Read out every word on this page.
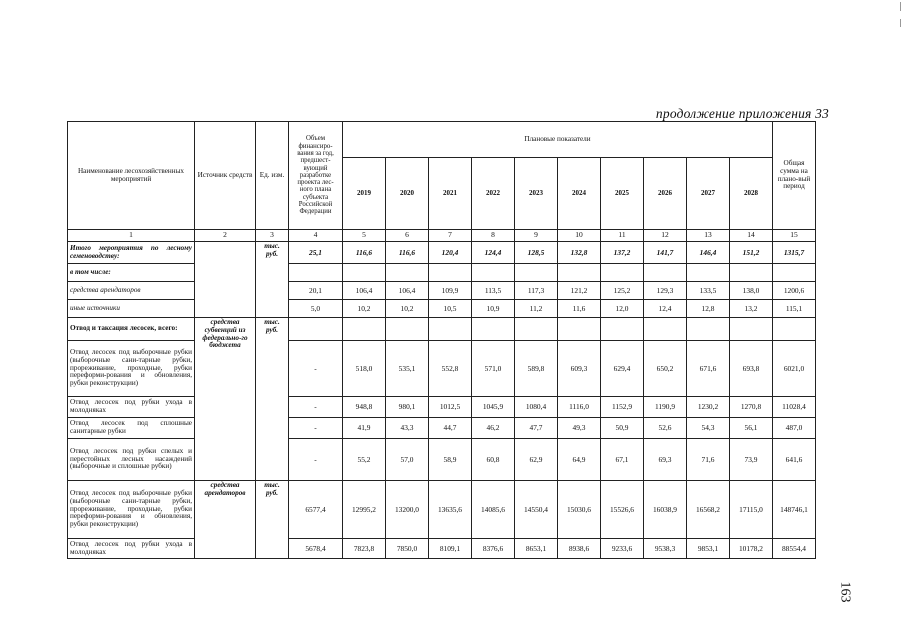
продолжение приложения 33
Наименование лесохозяйственных мероприятий	Источник средств	Ед. изм.	Объем финансиро-вания за год, предшест-вующий разработке проекта лес-ного плана субъекта Российской Федерации	Плановые показатели										Общая сумма на плано-вый период
				2019	2020	2021	2022	2023	2024	2025	2026	2027	2028	
1	2	3	4	5	6	7	8	9	10	11	12	13	14	15
Итого мероприятия по лесному семеноводству:		тыс. руб.	25,1	116,6	116,6	120,4	124,4	128,5	132,8	137,2	141,7	146,4	151,2	1315,7
в том числе:														
средства арендаторов			20,1	106,4	106,4	109,9	113,5	117,3	121,2	125,2	129,3	133,5	138,0	1200,6
иные источники			5,0	10,2	10,2	10,5	10,9	11,2	11,6	12,0	12,4	12,8	13,2	115,1
Отвод и таксация лесосек, всего:	средства субвенций из федерально-го бюджета	тыс. руб.												
Отвод лесосек под выборочные рубки (выборочные сани-тарные рубки, прореживание, проходные, рубки переформи-рования и обновления, рубки реконструкции)			-	518,0	535,1	552,8	571,0	589,8	609,3	629,4	650,2	671,6	693,8	6021,0
Отвод лесосек под рубки ухода в молодняках			-	948,8	980,1	1012,5	1045,9	1080,4	1116,0	1152,9	1190,9	1230,2	1270,8	11028,4
Отвод лесосек под сплошные санитарные рубки			-	41,9	43,3	44,7	46,2	47,7	49,3	50,9	52,6	54,3	56,1	487,0
Отвод лесосек под рубки спелых и перестойных лесных насаждений (выборочные и сплошные рубки)			-	55,2	57,0	58,9	60,8	62,9	64,9	67,1	69,3	71,6	73,9	641,6
Отвод лесосек под выборочные рубки (выборочные сани-тарные рубки, прореживание, проходные, рубки переформи-рования и обновления, рубки реконструкции)	средства арендаторов	тыс. руб.	6577,4	12995,2	13200,0	13635,6	14085,6	14550,4	15030,6	15526,6	16038,9	16568,2	17115,0	148746,1
Отвод лесосек под рубки ухода в молодняках			5678,4	7823,8	7850,0	8109,1	8376,6	8653,1	8938,6	9233,6	9538,3	9853,1	10178,2	88554,4
163
